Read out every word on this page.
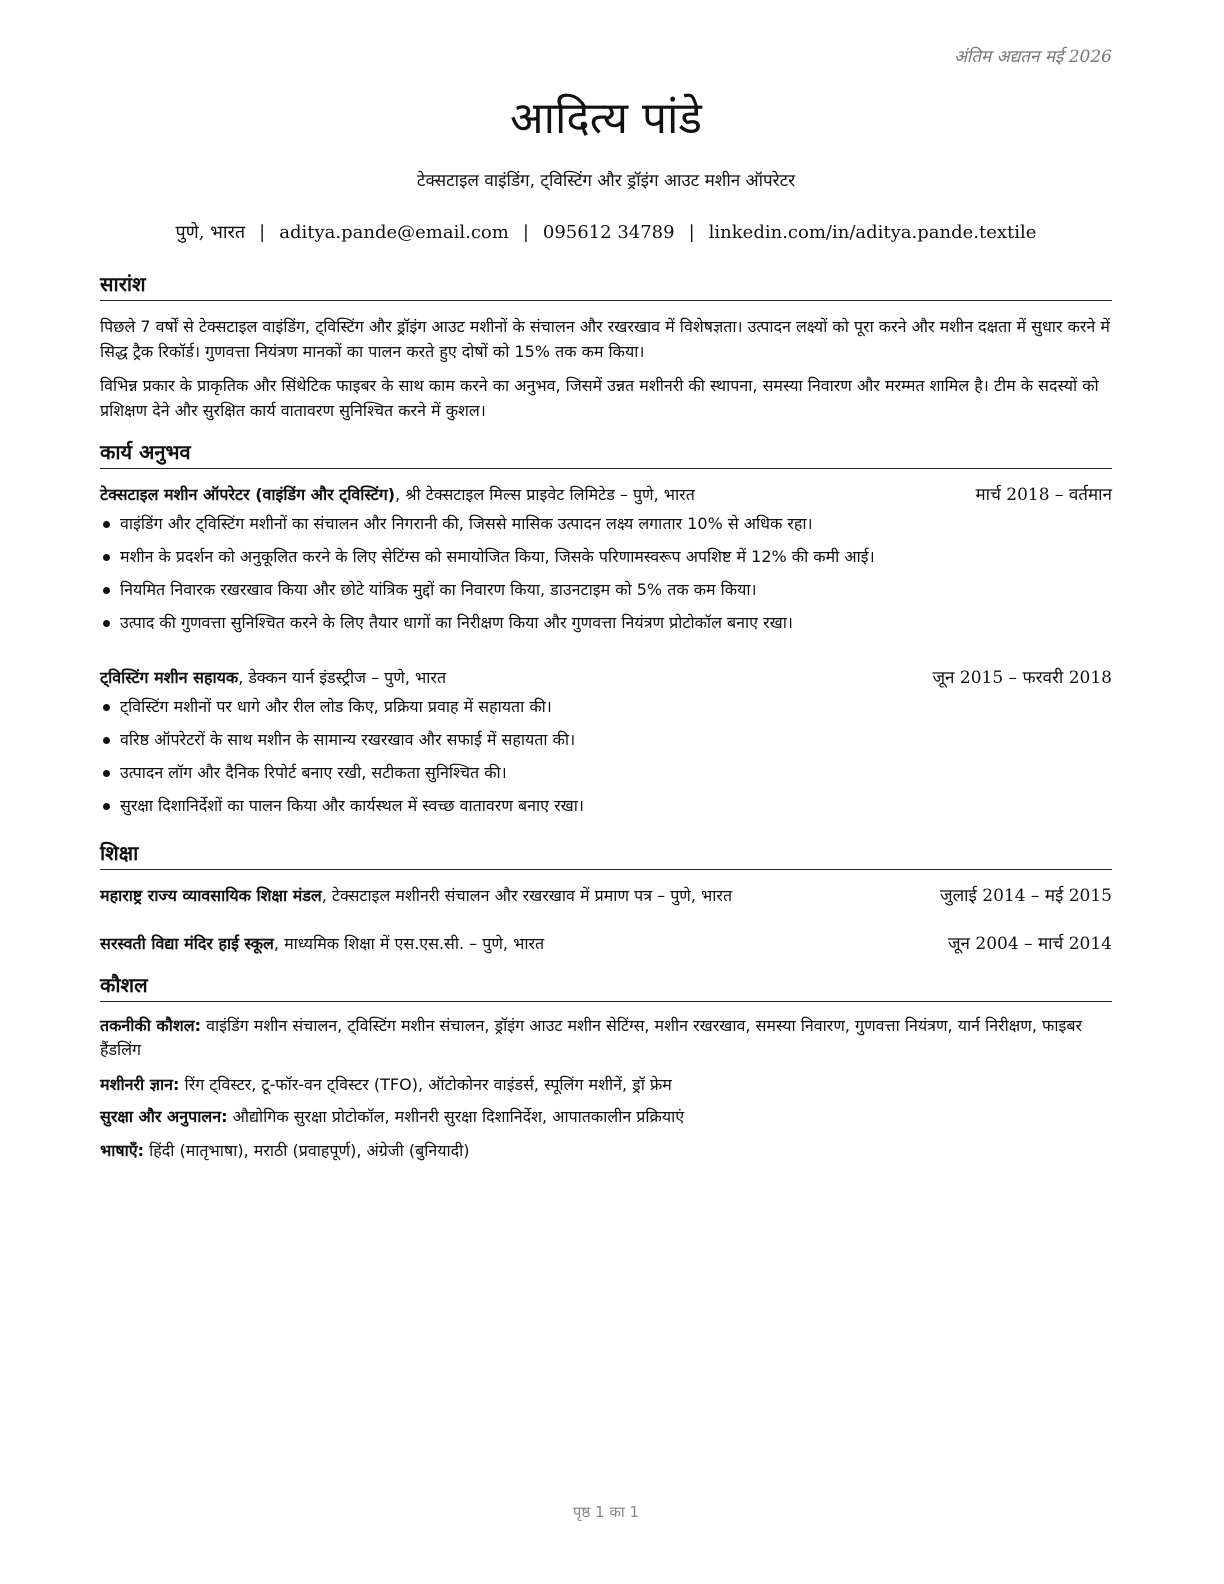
अंतिम अद्यतन मई 2026
आदित्य पांडे
टेक्सटाइल वाइंडिंग, ट्विस्टिंग और ड्रॉइंग आउट मशीन ऑपरेटर
पुणे, भारत | aditya.pande@email.com | 095612 34789 | linkedin.com/in/aditya.pande.textile
सारांश

पिछले 7 वर्षों से टेक्सटाइल वाइंडिंग, ट्विस्टिंग और ड्रॉइंग आउट मशीनों के संचालन और रखरखाव में विशेषज्ञता। उत्पादन लक्ष्यों को पूरा करने और मशीन दक्षता में सुधार करने में सिद्ध ट्रैक रिकॉर्ड। गुणवत्ता नियंत्रण मानकों का पालन करते हुए दोषों को 15% तक कम किया।

विभिन्न प्रकार के प्राकृतिक और सिंथेटिक फाइबर के साथ काम करने का अनुभव, जिसमें उन्नत मशीनरी की स्थापना, समस्या निवारण और मरम्मत शामिल है। टीम के सदस्यों को प्रशिक्षण देने और सुरक्षित कार्य वातावरण सुनिश्चित करने में कुशल।

कार्य अनुभव
टेक्सटाइल मशीन ऑपरेटर (वाइंडिंग और ट्विस्टिंग), श्री टेक्सटाइल मिल्स प्राइवेट लिमिटेड – पुणे, भारत	मार्च 2018 – वर्तमान
वाइंडिंग और ट्विस्टिंग मशीनों का संचालन और निगरानी की, जिससे मासिक उत्पादन लक्ष्य लगातार 10% से अधिक रहा।
मशीन के प्रदर्शन को अनुकूलित करने के लिए सेटिंग्स को समायोजित किया, जिसके परिणामस्वरूप अपशिष्ट में 12% की कमी आई।
नियमित निवारक रखरखाव किया और छोटे यांत्रिक मुद्दों का निवारण किया, डाउनटाइम को 5% तक कम किया।
उत्पाद की गुणवत्ता सुनिश्चित करने के लिए तैयार धागों का निरीक्षण किया और गुणवत्ता नियंत्रण प्रोटोकॉल बनाए रखा।
ट्विस्टिंग मशीन सहायक, डेक्कन यार्न इंडस्ट्रीज – पुणे, भारत	जून 2015 – फरवरी 2018
ट्विस्टिंग मशीनों पर धागे और रील लोड किए, प्रक्रिया प्रवाह में सहायता की।
वरिष्ठ ऑपरेटरों के साथ मशीन के सामान्य रखरखाव और सफाई में सहायता की।
उत्पादन लॉग और दैनिक रिपोर्ट बनाए रखी, सटीकता सुनिश्चित की।
सुरक्षा दिशानिर्देशों का पालन किया और कार्यस्थल में स्वच्छ वातावरण बनाए रखा।
शिक्षा
महाराष्ट्र राज्य व्यावसायिक शिक्षा मंडल, टेक्सटाइल मशीनरी संचालन और रखरखाव में प्रमाण पत्र – पुणे, भारत	जुलाई 2014 – मई 2015
सरस्वती विद्या मंदिर हाई स्कूल, माध्यमिक शिक्षा में एस.एस.सी. – पुणे, भारत	जून 2004 – मार्च 2014
कौशल
तकनीकी कौशल: वाइंडिंग मशीन संचालन, ट्विस्टिंग मशीन संचालन, ड्रॉइंग आउट मशीन सेटिंग्स, मशीन रखरखाव, समस्या निवारण, गुणवत्ता नियंत्रण, यार्न निरीक्षण, फाइबर हैंडलिंग
मशीनरी ज्ञान: रिंग ट्विस्टर, टू-फॉर-वन ट्विस्टर (TFO), ऑटोकोनर वाइंडर्स, स्पूलिंग मशीनें, ड्रॉ फ्रेम
सुरक्षा और अनुपालन: औद्योगिक सुरक्षा प्रोटोकॉल, मशीनरी सुरक्षा दिशानिर्देश, आपातकालीन प्रक्रियाएं
भाषाएँ: हिंदी (मातृभाषा), मराठी (प्रवाहपूर्ण), अंग्रेजी (बुनियादी)
पृष्ठ 1 का 1
